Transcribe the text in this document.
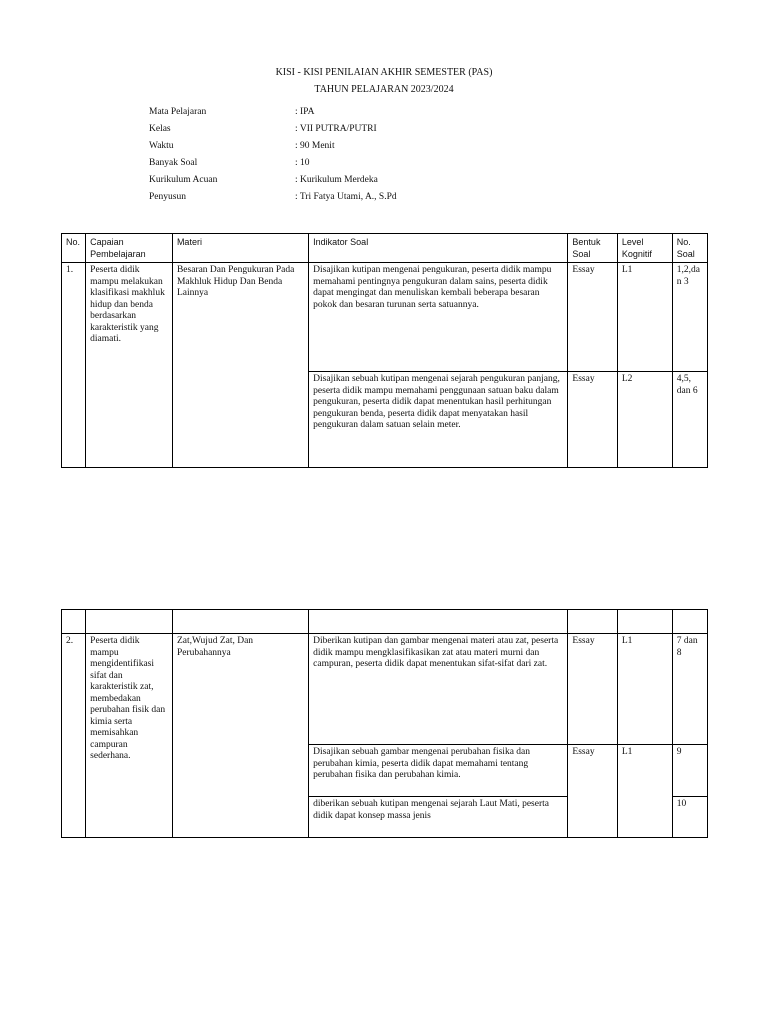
KISI - KISI PENILAIAN AKHIR SEMESTER (PAS)
TAHUN PELAJARAN 2023/2024
Mata Pelajaran	: IPA
Kelas	: VII PUTRA/PUTRI
Waktu	: 90 Menit
Banyak Soal	: 10
Kurikulum Acuan	: Kurikulum Merdeka
Penyusun	: Tri Fatya Utami, A., S.Pd
No.	Capaian Pembelajaran	Materi	Indikator Soal	Bentuk Soal	Level Kognitif	No. Soal
1.	Peserta didik mampu melakukan klasifikasi makhluk hidup dan benda berdasarkan karakteristik yang diamati.	Besaran Dan Pengukuran Pada Makhluk Hidup Dan Benda Lainnya	Disajikan kutipan mengenai pengukuran, peserta didik mampu memahami pentingnya pengukuran dalam sains, peserta didik dapat mengingat dan menuliskan kembali beberapa besaran pokok dan besaran turunan serta satuannya.	Essay	L1	1,2,dan 3
			Disajikan sebuah kutipan mengenai sejarah pengukuran panjang, peserta didik mampu memahami penggunaan satuan baku dalam pengukuran, peserta didik dapat menentukan hasil perhitungan pengukuran benda, peserta didik dapat menyatakan hasil pengukuran dalam satuan selain meter.	Essay	L2	4,5, dan 6

2.	Peserta didik mampu mengidentifikasi sifat dan karakteristik zat, membedakan perubahan fisik dan kimia serta memisahkan campuran sederhana.	Zat,Wujud Zat, Dan Perubahannya	Diberikan kutipan dan gambar mengenai materi atau zat, peserta didik mampu mengklasifikasikan zat atau materi murni dan campuran, peserta didik dapat menentukan sifat-sifat dari zat.	Essay	L1	7 dan 8
			Disajikan sebuah gambar mengenai perubahan fisika dan perubahan kimia, peserta didik dapat memahami tentang perubahan fisika dan perubahan kimia.	Essay	L1	9
			diberikan sebuah kutipan mengenai sejarah Laut Mati, peserta didik dapat konsep massa jenis			10
